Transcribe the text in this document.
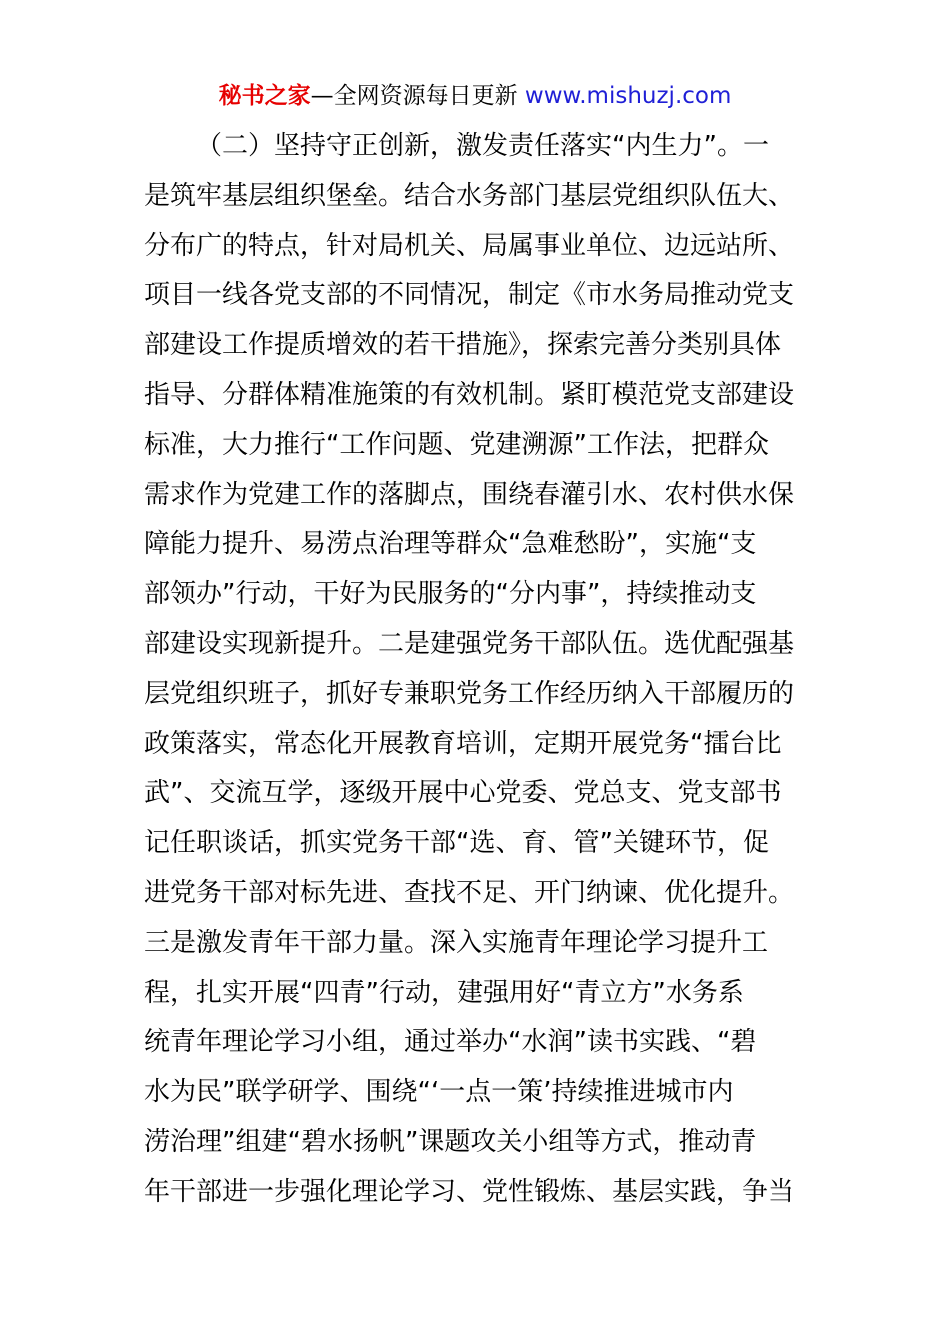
秘书之家—全网资源每日更新 www.mishuzj.com
（二）坚持守正创新，激发责任落实“内生力”。一
是筑牢基层组织堡垒。结合水务部门基层党组织队伍大、
分布广的特点，针对局机关、局属事业单位、边远站所、
项目一线各党支部的不同情况，制定《市水务局推动党支
部建设工作提质增效的若干措施》，探索完善分类别具体
指导、分群体精准施策的有效机制。紧盯模范党支部建设
标准，大力推行“工作问题、党建溯源”工作法，把群众
需求作为党建工作的落脚点，围绕春灌引水、农村供水保
障能力提升、易涝点治理等群众“急难愁盼”，实施“支
部领办”行动，干好为民服务的“分内事”，持续推动支
部建设实现新提升。二是建强党务干部队伍。选优配强基
层党组织班子，抓好专兼职党务工作经历纳入干部履历的
政策落实，常态化开展教育培训，定期开展党务“擂台比
武”、交流互学，逐级开展中心党委、党总支、党支部书
记任职谈话，抓实党务干部“选、育、管”关键环节，促
进党务干部对标先进、查找不足、开门纳谏、优化提升。
三是激发青年干部力量。深入实施青年理论学习提升工
程，扎实开展“四青”行动，建强用好“青立方”水务系
统青年理论学习小组，通过举办“水润”读书实践、“碧
水为民”联学研学、围绕“‘一点一策’持续推进城市内
涝治理”组建“碧水扬帆”课题攻关小组等方式，推动青
年干部进一步强化理论学习、党性锻炼、基层实践，争当
